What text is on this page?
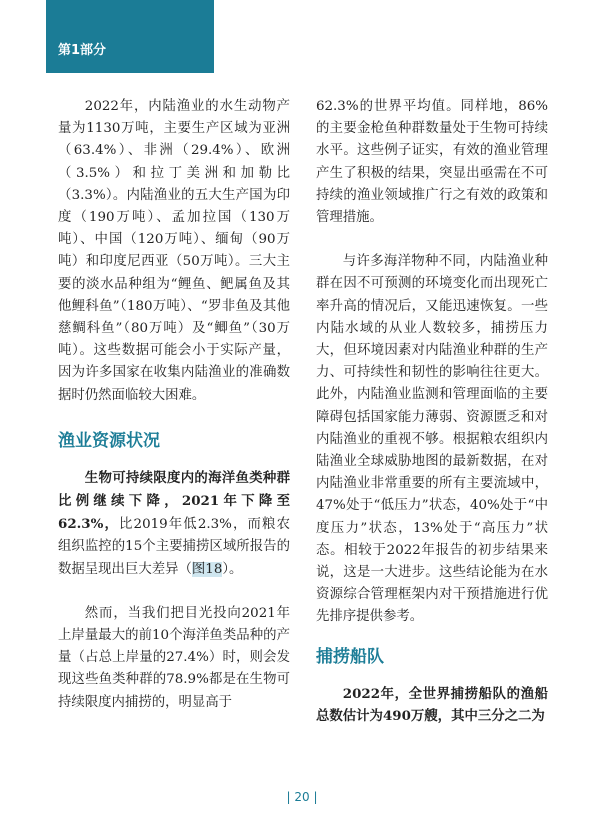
第1部分

2022年，内陆渔业的水生动物产量为1130万吨，主要生产区域为亚洲（63.4%）、非洲（29.4%）、欧洲（3.5%）和拉丁美洲和加勒比（3.3%）。内陆渔业的五大生产国为印度（190万吨）、孟加拉国（130万吨）、中国（120万吨）、缅甸（90万吨）和印度尼西亚（50万吨）。三大主要的淡水品种组为“鲤鱼、鲃属鱼及其他鲤科鱼”（180万吨）、“罗非鱼及其他慈鲷科鱼”（80万吨）及“鲫鱼”（30万吨）。这些数据可能会小于实际产量，因为许多国家在收集内陆渔业的准确数据时仍然面临较大困难。

渔业资源状况

生物可持续限度内的海洋鱼类种群比例继续下降，2021年下降至62.3%，比2019年低2.3%，而粮农组织监控的15个主要捕捞区域所报告的数据呈现出巨大差异（图18）。

然而，当我们把目光投向2021年上岸量最大的前10个海洋鱼类品种的产量（占总上岸量的27.4%）时，则会发现这些鱼类种群的78.9%都是在生物可持续限度内捕捞的，明显高于

62.3%的世界平均值。同样地，86%的主要金枪鱼种群数量处于生物可持续水平。这些例子证实，有效的渔业管理产生了积极的结果，突显出亟需在不可持续的渔业领域推广行之有效的政策和管理措施。

与许多海洋物种不同，内陆渔业种群在因不可预测的环境变化而出现死亡率升高的情况后，又能迅速恢复。一些内陆水域的从业人数较多，捕捞压力大，但环境因素对内陆渔业种群的生产力、可持续性和韧性的影响往往更大。此外，内陆渔业监测和管理面临的主要障碍包括国家能力薄弱、资源匮乏和对内陆渔业的重视不够。根据粮农组织内陆渔业全球威胁地图的最新数据，在对内陆渔业非常重要的所有主要流域中，47%处于“低压力”状态，40%处于“中度压力”状态，13%处于“高压力”状态。相较于2022年报告的初步结果来说，这是一大进步。这些结论能为在水资源综合管理框架内对干预措施进行优先排序提供参考。

捕捞船队

2022年，全世界捕捞船队的渔船总数估计为490万艘，其中三分之二为

| 20 |
